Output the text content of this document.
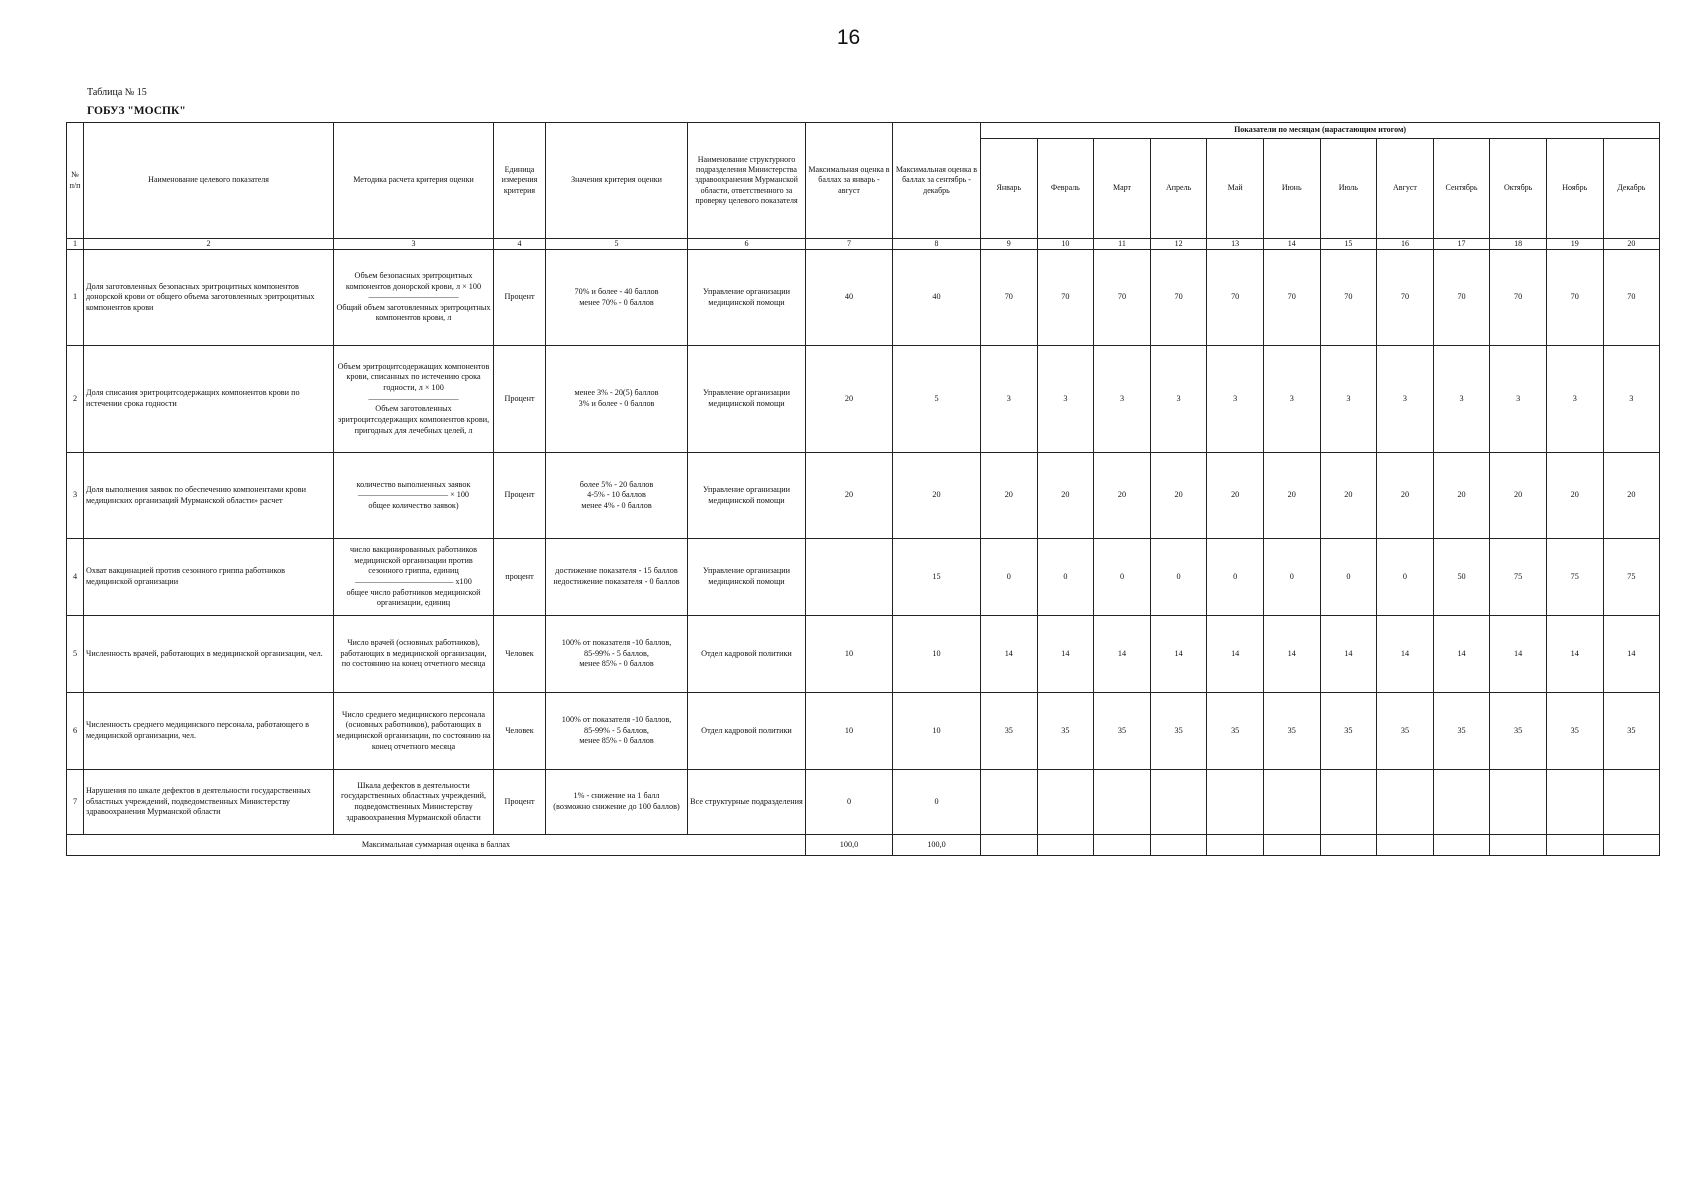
16
Таблица № 15
ГОБУЗ "МОСПК"
№ п/п	Наименование целевого показателя	Методика расчета критерия оценки	Единица измерения критерия	Значения критерия оценки	Наименование структурного подразделения Министерства здравоохранения Мурманской области, ответственного за проверку целевого показателя	Максимальная оценка в баллах за январь - август	Максимальная оценка в баллах за сентябрь - декабрь	Показатели по месяцам (нарастающим итогом)											
								Январь	Февраль	Март	Апрель	Май	Июнь	Июль	Август	Сентябрь	Октябрь	Ноябрь	Декабрь
1	2	3	4	5	6	7	8	9	10	11	12	13	14	15	16	17	18	19	20
1	Доля заготовленных безопасных эритроцитных компонентов донорской крови от общего объема заготовленных эритроцитных компонентов крови	Объем безопасных эритроцитных компонентов донорской крови, л × 100
———————————
Общий объем заготовленных эритроцитных компонентов крови, л	Процент	70% и более - 40 баллов
менее 70% - 0 баллов	Управление организации медицинской помощи	40	40	70	70	70	70	70	70	70	70	70	70	70	70
2	Доля списания эритроцитсодержащих компонентов крови по истечении срока годности	Объем эритроцитсодержащих компонентов крови, списанных по истечению срока годности, л × 100
———————————
Объем заготовленных эритроцитсодержащих компонентов крови, пригодных для лечебных целей, л	Процент	менее 3% - 20(5) баллов
3% и более - 0 баллов	Управление организации медицинской помощи	20	5	3	3	3	3	3	3	3	3	3	3	3	3
3	Доля выполнения заявок по обеспечению компонентами крови медицинских организаций Мурманской области» расчет	количество выполненных заявок
——————————— × 100
общее количество заявок)	Процент	более 5% - 20 баллов
4-5% - 10 баллов
менее 4% - 0 баллов	Управление организации медицинской помощи	20	20	20	20	20	20	20	20	20	20	20	20	20	20
4	Охват вакцинацией против сезонного гриппа работников медицинской организации	число вакцинированных работников медицинской организации против сезонного гриппа, единиц
———————————— х100
общее число работников медицинской организации, единиц	процент	достижение показателя - 15 баллов
недостижение показателя - 0 баллов	Управление организации медицинской помощи		15	0	0	0	0	0	0	0	0	50	75	75	75
5	Численность врачей, работающих в медицинской организации, чел.	Число врачей (основных работников), работающих в медицинской организации, по состоянию на конец отчетного месяца	Человек	100% от показателя -10 баллов,
85-99% - 5 баллов,
менее 85% - 0 баллов	Отдел кадровой политики	10	10	14	14	14	14	14	14	14	14	14	14	14	14
6	Численность среднего медицинского персонала, работающего в медицинской организации, чел.	Число среднего медицинского персонала (основных работников), работающих в медицинской организации, по состоянию на конец отчетного месяца	Человек	100% от показателя -10 баллов,
85-99% - 5 баллов,
менее 85% - 0 баллов	Отдел кадровой политики	10	10	35	35	35	35	35	35	35	35	35	35	35	35
7	Нарушения по шкале дефектов в деятельности государственных областных учреждений, подведомственных Министерству здравоохранения Мурманской области	Шкала дефектов в деятельности государственных областных учреждений, подведомственных Министерству здравоохранения Мурманской области	Процент	1% - снижение на 1 балл
(возможно снижение до 100 баллов)	Все структурные подразделения	0	0												
Максимальная суммарная оценка в баллах						100,0	100,0												
